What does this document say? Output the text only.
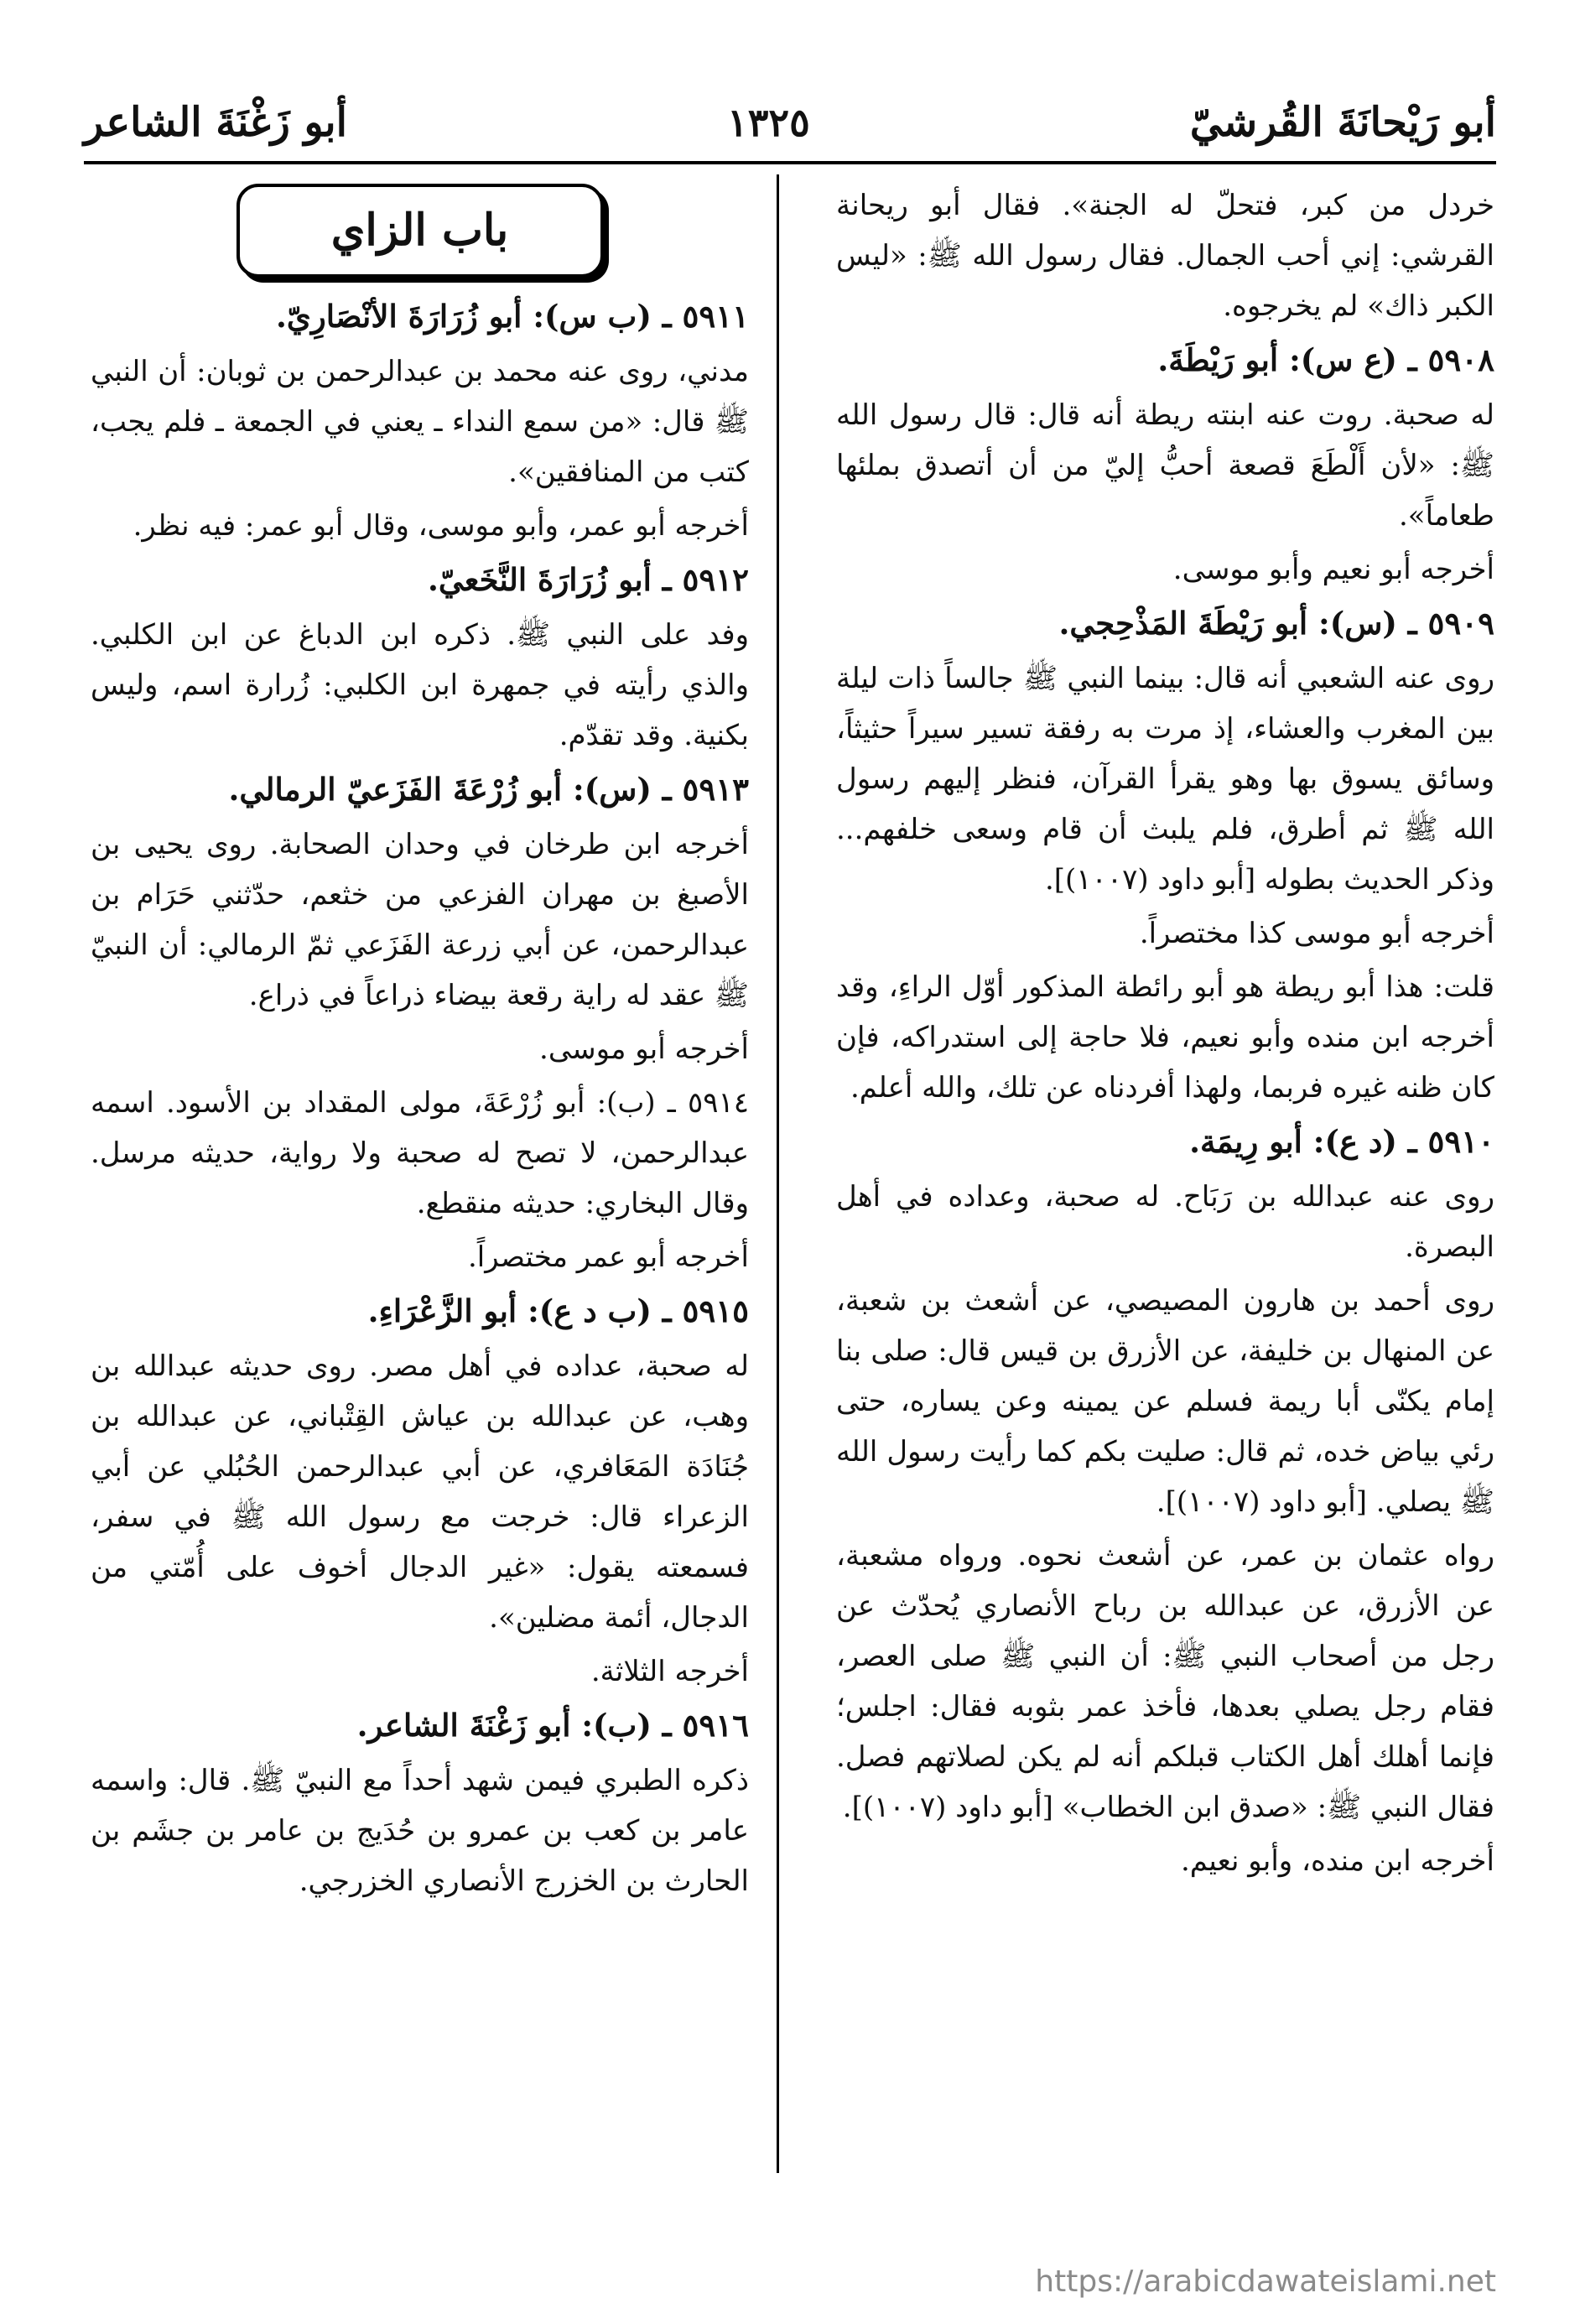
أبو رَيْحانَةَ القُرشيّ
١٣٢٥
أبو زَغْنَةَ الشاعر
خردل من كبر، فتحلّ له الجنة». فقال أبو ريحانة القرشي: إني أحب الجمال. فقال رسول الله ﷺ: «ليس الكبر ذاك» لم يخرجوه.
٥٩٠٨ ـ (ع س): أبو رَيْطَةَ.
له صحبة. روت عنه ابنته ريطة أنه قال: قال رسول الله ﷺ: «لأن أَلْطَعَ قصعة أحبُّ إليّ من أن أتصدق بملئها طعاماً».
أخرجه أبو نعيم وأبو موسى.
٥٩٠٩ ـ (س): أبو رَيْطَةَ المَذْحِجي.
روى عنه الشعبي أنه قال: بينما النبي ﷺ جالساً ذات ليلة بين المغرب والعشاء، إذ مرت به رفقة تسير سيراً حثيثاً، وسائق يسوق بها وهو يقرأ القرآن، فنظر إليهم رسول الله ﷺ ثم أطرق، فلم يلبث أن قام وسعى خلفهم... وذكر الحديث بطوله [أبو داود (١٠٠٧)].
أخرجه أبو موسى كذا مختصراً.
قلت: هذا أبو ريطة هو أبو رائطة المذكور أوّل الراءِ، وقد أخرجه ابن منده وأبو نعيم، فلا حاجة إلى استدراكه، فإن كان ظنه غيره فربما، ولهذا أفردناه عن تلك، والله أعلم.
٥٩١٠ ـ (د ع): أبو رِيمَة.
روى عنه عبدالله بن رَبَاح. له صحبة، وعداده في أهل البصرة.
روى أحمد بن هارون المصيصي، عن أشعث بن شعبة، عن المنهال بن خليفة، عن الأزرق بن قيس قال: صلى بنا إمام يكنّى أبا ريمة فسلم عن يمينه وعن يساره، حتى رئي بياض خده، ثم قال: صليت بكم كما رأيت رسول الله ﷺ يصلي. [أبو داود (١٠٠٧)].
رواه عثمان بن عمر، عن أشعث نحوه. ورواه مشعبة، عن الأزرق، عن عبدالله بن رباح الأنصاري يُحدّث عن رجل من أصحاب النبي ﷺ: أن النبي ﷺ صلى العصر، فقام رجل يصلي بعدها، فأخذ عمر بثوبه فقال: اجلس؛ فإنما أهلك أهل الكتاب قبلكم أنه لم يكن لصلاتهم فصل. فقال النبي ﷺ: «صدق ابن الخطاب» [أبو داود (١٠٠٧)].
أخرجه ابن منده، وأبو نعيم.
باب الزاي
٥٩١١ ـ (ب س): أبو زُرَارَةَ الأنْصَارِيّ.
مدني، روى عنه محمد بن عبدالرحمن بن ثوبان: أن النبي ﷺ قال: «من سمع النداء ـ يعني في الجمعة ـ فلم يجب، كتب من المنافقين».
أخرجه أبو عمر، وأبو موسى، وقال أبو عمر: فيه نظر.
٥٩١٢ ـ أبو زُرَارَةَ النَّخَعيّ.
وفد على النبي ﷺ. ذكره ابن الدباغ عن ابن الكلبي. والذي رأيته في جمهرة ابن الكلبي: زُرارة اسم، وليس بكنية. وقد تقدّم.
٥٩١٣ ـ (س): أبو زُرْعَةَ الفَزَعيّ الرمالي.
أخرجه ابن طرخان في وحدان الصحابة. روى يحيى بن الأصبغ بن مهران الفزعي من خثعم، حدّثني حَرَام بن عبدالرحمن، عن أبي زرعة الفَزَعي ثمّ الرمالي: أن النبيّ ﷺ عقد له راية رقعة بيضاء ذراعاً في ذراع.
أخرجه أبو موسى.
٥٩١٤ ـ (ب): أبو زُرْعَةَ، مولى المقداد بن الأسود. اسمه عبدالرحمن، لا تصح له صحبة ولا رواية، حديثه مرسل. وقال البخاري: حديثه منقطع.
أخرجه أبو عمر مختصراً.
٥٩١٥ ـ (ب د ع): أبو الزَّعْرَاءِ.
له صحبة، عداده في أهل مصر. روى حديثه عبدالله بن وهب، عن عبدالله بن عياش القِتْباني، عن عبدالله بن جُنَادَة المَعَافري، عن أبي عبدالرحمن الحُبُلي عن أبي الزعراء قال: خرجت مع رسول الله ﷺ في سفر، فسمعته يقول: «غير الدجال أخوف على أُمّتي من الدجال، أئمة مضلين».
أخرجه الثلاثة.
٥٩١٦ ـ (ب): أبو زَغْنَةَ الشاعر.
ذكره الطبري فيمن شهد أحداً مع النبيّ ﷺ. قال: واسمه عامر بن كعب بن عمرو بن حُدَيج بن عامر بن جشَم بن الحارث بن الخزرج الأنصاري الخزرجي.
https://arabicdawateislami.net
